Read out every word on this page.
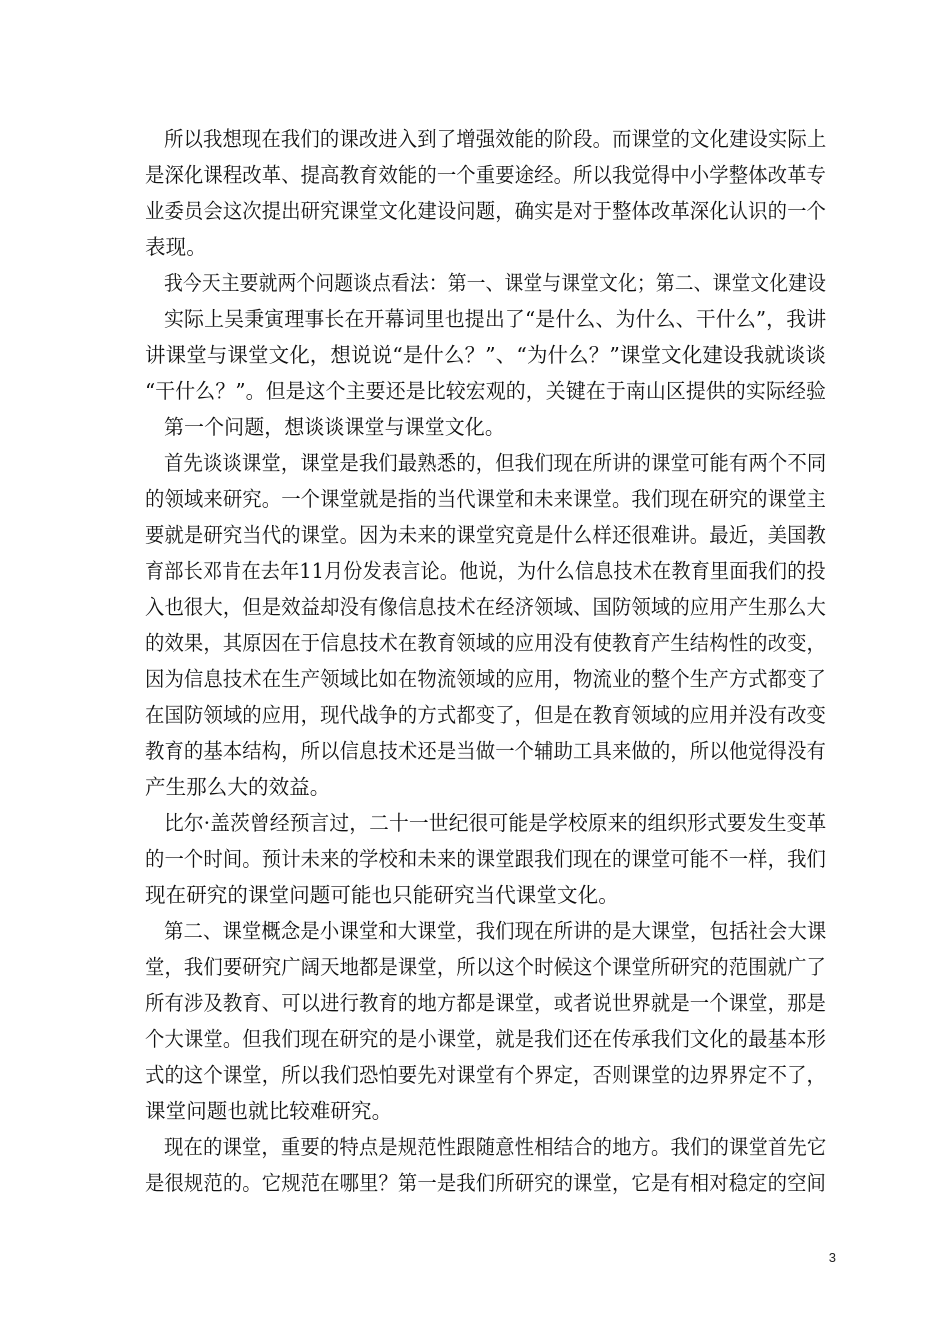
所以我想现在我们的课改进入到了增强效能的阶段。而课堂的文化建设实际上
是深化课程改革、提高教育效能的一个重要途经。所以我觉得中小学整体改革专
业委员会这次提出研究课堂文化建设问题，确实是对于整体改革深化认识的一个
表现。
我今天主要就两个问题谈点看法：第一、课堂与课堂文化；第二、课堂文化建设
实际上吴秉寅理事长在开幕词里也提出了“是什么、为什么、干什么”，我讲
讲课堂与课堂文化，想说说“是什么？”、“为什么？”课堂文化建设我就谈谈
“干什么？”。但是这个主要还是比较宏观的，关键在于南山区提供的实际经验
第一个问题，想谈谈课堂与课堂文化。
首先谈谈课堂，课堂是我们最熟悉的，但我们现在所讲的课堂可能有两个不同
的领域来研究。一个课堂就是指的当代课堂和未来课堂。我们现在研究的课堂主
要就是研究当代的课堂。因为未来的课堂究竟是什么样还很难讲。最近，美国教
育部长邓肯在去年11月份发表言论。他说，为什么信息技术在教育里面我们的投
入也很大，但是效益却没有像信息技术在经济领域、国防领域的应用产生那么大
的效果，其原因在于信息技术在教育领域的应用没有使教育产生结构性的改变，
因为信息技术在生产领域比如在物流领域的应用，物流业的整个生产方式都变了
在国防领域的应用，现代战争的方式都变了，但是在教育领域的应用并没有改变
教育的基本结构，所以信息技术还是当做一个辅助工具来做的，所以他觉得没有
产生那么大的效益。
比尔·盖茨曾经预言过，二十一世纪很可能是学校原来的组织形式要发生变革
的一个时间。预计未来的学校和未来的课堂跟我们现在的课堂可能不一样，我们
现在研究的课堂问题可能也只能研究当代课堂文化。
第二、课堂概念是小课堂和大课堂，我们现在所讲的是大课堂，包括社会大课
堂，我们要研究广阔天地都是课堂，所以这个时候这个课堂所研究的范围就广了
所有涉及教育、可以进行教育的地方都是课堂，或者说世界就是一个课堂，那是
个大课堂。但我们现在研究的是小课堂，就是我们还在传承我们文化的最基本形
式的这个课堂，所以我们恐怕要先对课堂有个界定，否则课堂的边界界定不了，
课堂问题也就比较难研究。
现在的课堂，重要的特点是规范性跟随意性相结合的地方。我们的课堂首先它
是很规范的。它规范在哪里？第一是我们所研究的课堂，它是有相对稳定的空间
3
